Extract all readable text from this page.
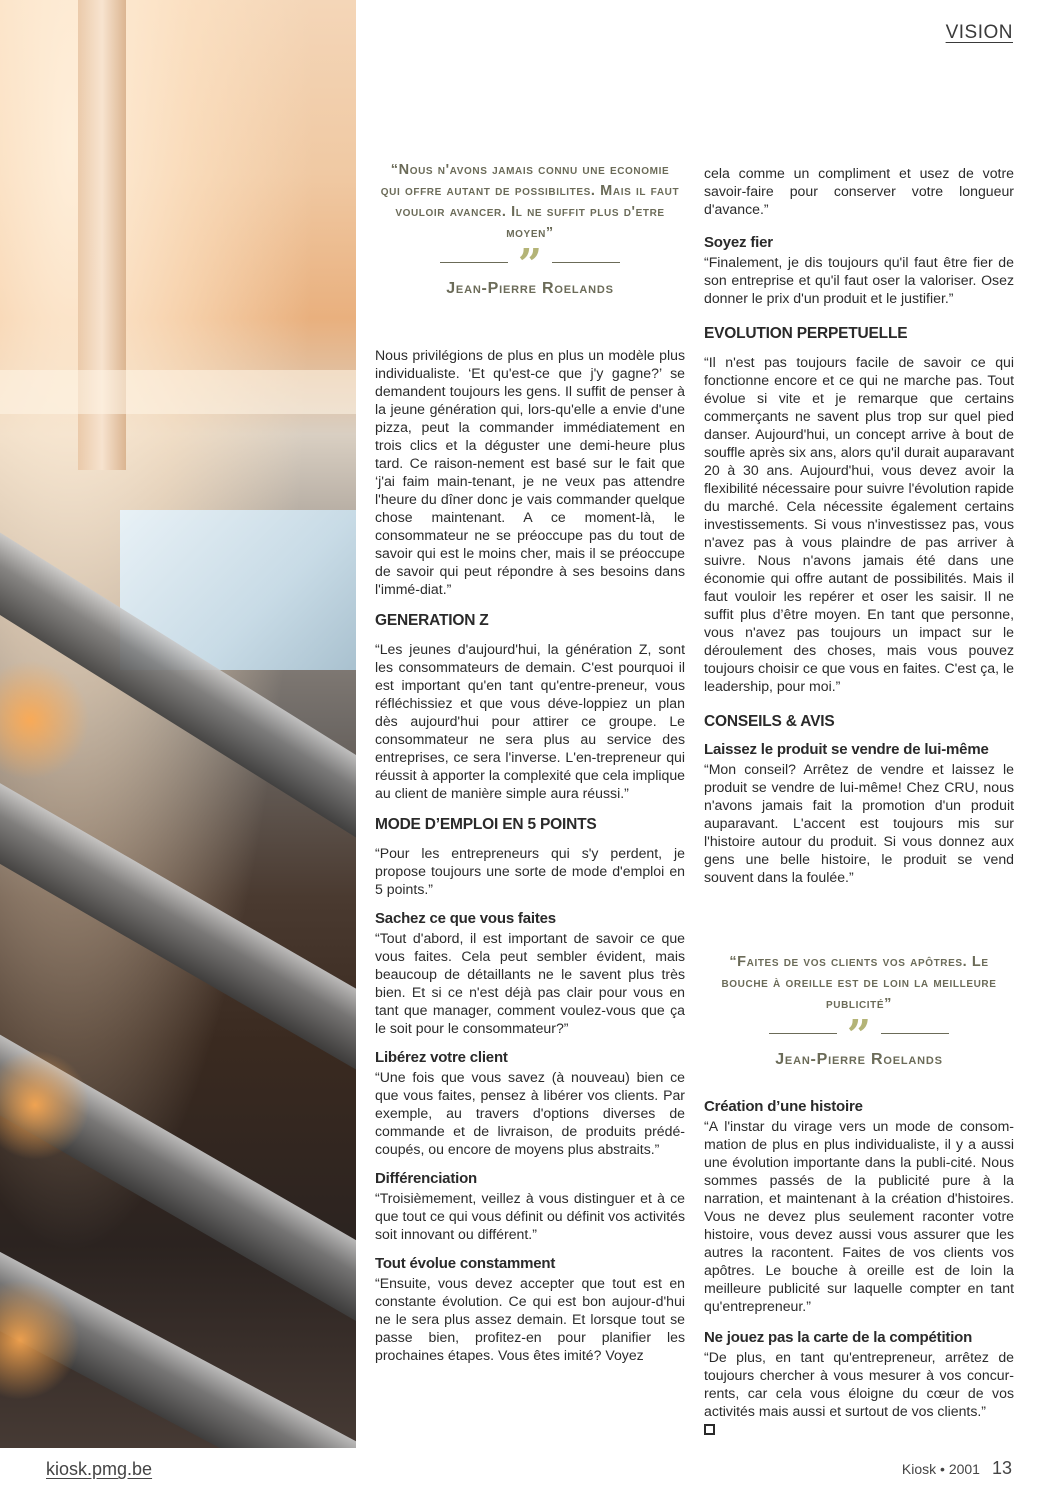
VISION
“Nous n'avons jamais connu une economie qui offre autant de possibilites. Mais il faut vouloir avancer. Il ne suffit plus d'etre moyen”
”
Jean-Pierre Roelands

Nous privilégions de plus en plus un modèle plus individualiste. ‘Et qu'est-ce que j'y gagne?’ se demandent toujours les gens. Il suffit de penser à la jeune génération qui, lors-qu'elle a envie d'une pizza, peut la commander immédiatement en trois clics et la déguster une demi-heure plus tard. Ce raison-nement est basé sur le fait que ‘j'ai faim main-tenant, je ne veux pas attendre l'heure du dîner donc je vais commander quelque chose maintenant. A ce moment-là, le consommateur ne se préoccupe pas du tout de savoir qui est le moins cher, mais il se préoccupe de savoir qui peut répondre à ses besoins dans l'immé-diat.”

GENERATION Z

“Les jeunes d'aujourd'hui, la génération Z, sont les consommateurs de demain. C'est pourquoi il est important qu'en tant qu'entre-preneur, vous réfléchissiez et que vous déve-loppiez un plan dès aujourd'hui pour attirer ce groupe. Le consommateur ne sera plus au service des entreprises, ce sera l'inverse. L'en-trepreneur qui réussit à apporter la complexité que cela implique au client de manière simple aura réussi.”

MODE D’EMPLOI EN 5 POINTS

“Pour les entrepreneurs qui s'y perdent, je propose toujours une sorte de mode d'emploi en 5 points.”

Sachez ce que vous faites

“Tout d'abord, il est important de savoir ce que vous faites. Cela peut sembler évident, mais beaucoup de détaillants ne le savent plus très bien. Et si ce n'est déjà pas clair pour vous en tant que manager, comment voulez-vous que ça le soit pour le consommateur?”

Libérez votre client

“Une fois que vous savez (à nouveau) bien ce que vous faites, pensez à libérer vos clients. Par exemple, au travers d'options diverses de commande et de livraison, de produits prédé-coupés, ou encore de moyens plus abstraits.”

Différenciation

“Troisièmement, veillez à vous distinguer et à ce que tout ce qui vous définit ou définit vos activités soit innovant ou différent.”

Tout évolue constamment

“Ensuite, vous devez accepter que tout est en constante évolution. Ce qui est bon aujour-d'hui ne le sera plus assez demain. Et lorsque tout se passe bien, profitez-en pour planifier les prochaines étapes. Vous êtes imité? Voyez

cela comme un compliment et usez de votre savoir-faire pour conserver votre longueur d'avance.”

Soyez fier

“Finalement, je dis toujours qu'il faut être fier de son entreprise et qu'il faut oser la valoriser. Osez donner le prix d'un produit et le justifier.”

EVOLUTION PERPETUELLE

“Il n'est pas toujours facile de savoir ce qui fonctionne encore et ce qui ne marche pas. Tout évolue si vite et je remarque que certains commerçants ne savent plus trop sur quel pied danser. Aujourd'hui, un concept arrive à bout de souffle après six ans, alors qu'il durait auparavant 20 à 30 ans. Aujourd'hui, vous devez avoir la flexibilité nécessaire pour suivre l'évolution rapide du marché. Cela nécessite également certains investissements. Si vous n'investissez pas, vous n'avez pas à vous plaindre de pas arriver à suivre. Nous n'avons jamais été dans une économie qui offre autant de possibilités. Mais il faut vouloir les repérer et oser les saisir. Il ne suffit plus d’être moyen. En tant que personne, vous n'avez pas toujours un impact sur le déroulement des choses, mais vous pouvez toujours choisir ce que vous en faites. C'est ça, le leadership, pour moi.”

CONSEILS & AVIS
Laissez le produit se vendre de lui-même

“Mon conseil? Arrêtez de vendre et laissez le produit se vendre de lui-même! Chez CRU, nous n'avons jamais fait la promotion d'un produit auparavant. L'accent est toujours mis sur l'histoire autour du produit. Si vous donnez aux gens une belle histoire, le produit se vend souvent dans la foulée.”

“Faites de vos clients vos apôtres. Le bouche à oreille est de loin la meilleure publicité”
”
Jean-Pierre Roelands
Création d’une histoire

“A l'instar du virage vers un mode de consom-mation de plus en plus individualiste, il y a aussi une évolution importante dans la publi-cité. Nous sommes passés de la publicité pure à la narration, et maintenant à la création d'histoires. Vous ne devez plus seulement raconter votre histoire, vous devez aussi vous assurer que les autres la racontent. Faites de vos clients vos apôtres. Le bouche à oreille est de loin la meilleure publicité sur laquelle compter en tant qu'entrepreneur.”

Ne jouez pas la carte de la compétition

“De plus, en tant qu'entrepreneur, arrêtez de toujours chercher à vous mesurer à vos concur-rents, car cela vous éloigne du cœur de vos activités mais aussi et surtout de vos clients.”

kiosk.pmg.be	Kiosk • 2001 13
